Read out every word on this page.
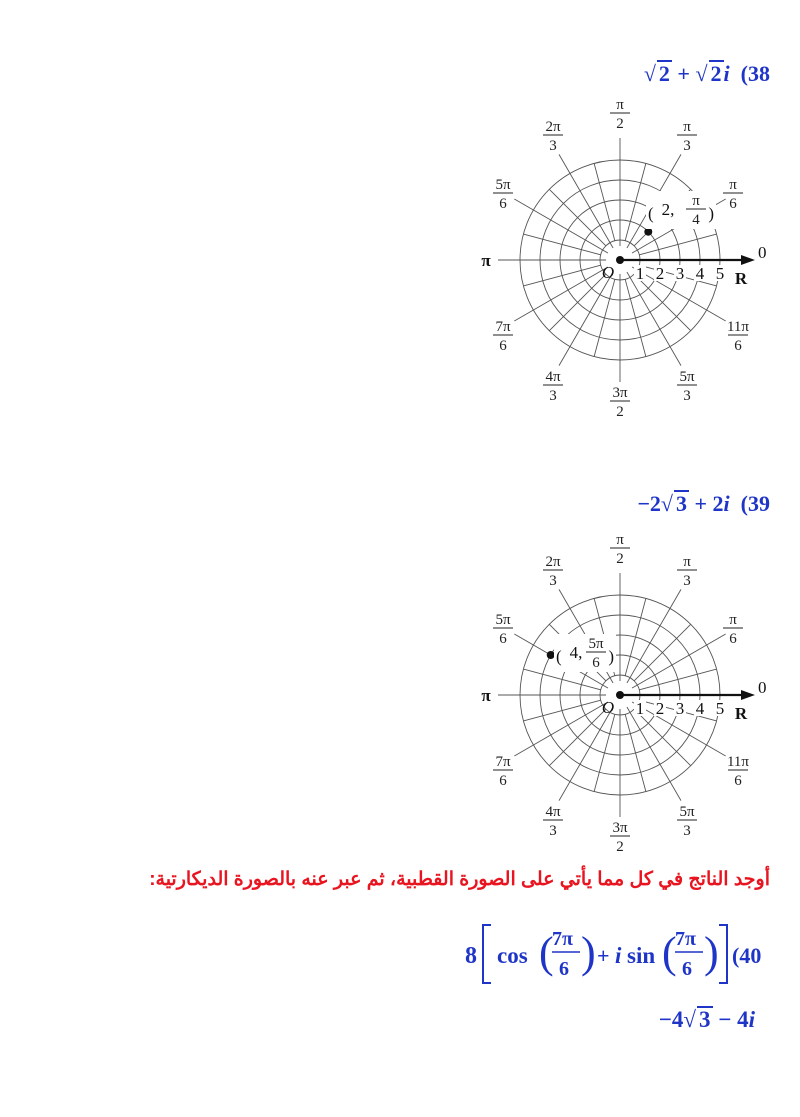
√ 2 + √ 2i (38
O 1 2 3 4 5 R
0
π
π
2	π
3
π
6
2π
3
5π
6
7π
6
4π
3	3π
2
5π
3
11π
6
( 2, π
4 )
−2√ 3 + 2i (39
O 1 2 3 4 5 R
0
π
π
2	π
3
π
6
2π
3
5π
6
7π
6
4π
3	3π
2
5π
3
11π
6
( 4, 5π
6 )
أوجد الناتج في كل مما يأتي على الصورة القطبية، ثم عبر عنه بالصورة الديكارتية:
8 cos (
7π
6 ) + i sin (
7π
6 ) (40
−4√ 3 − 4i
